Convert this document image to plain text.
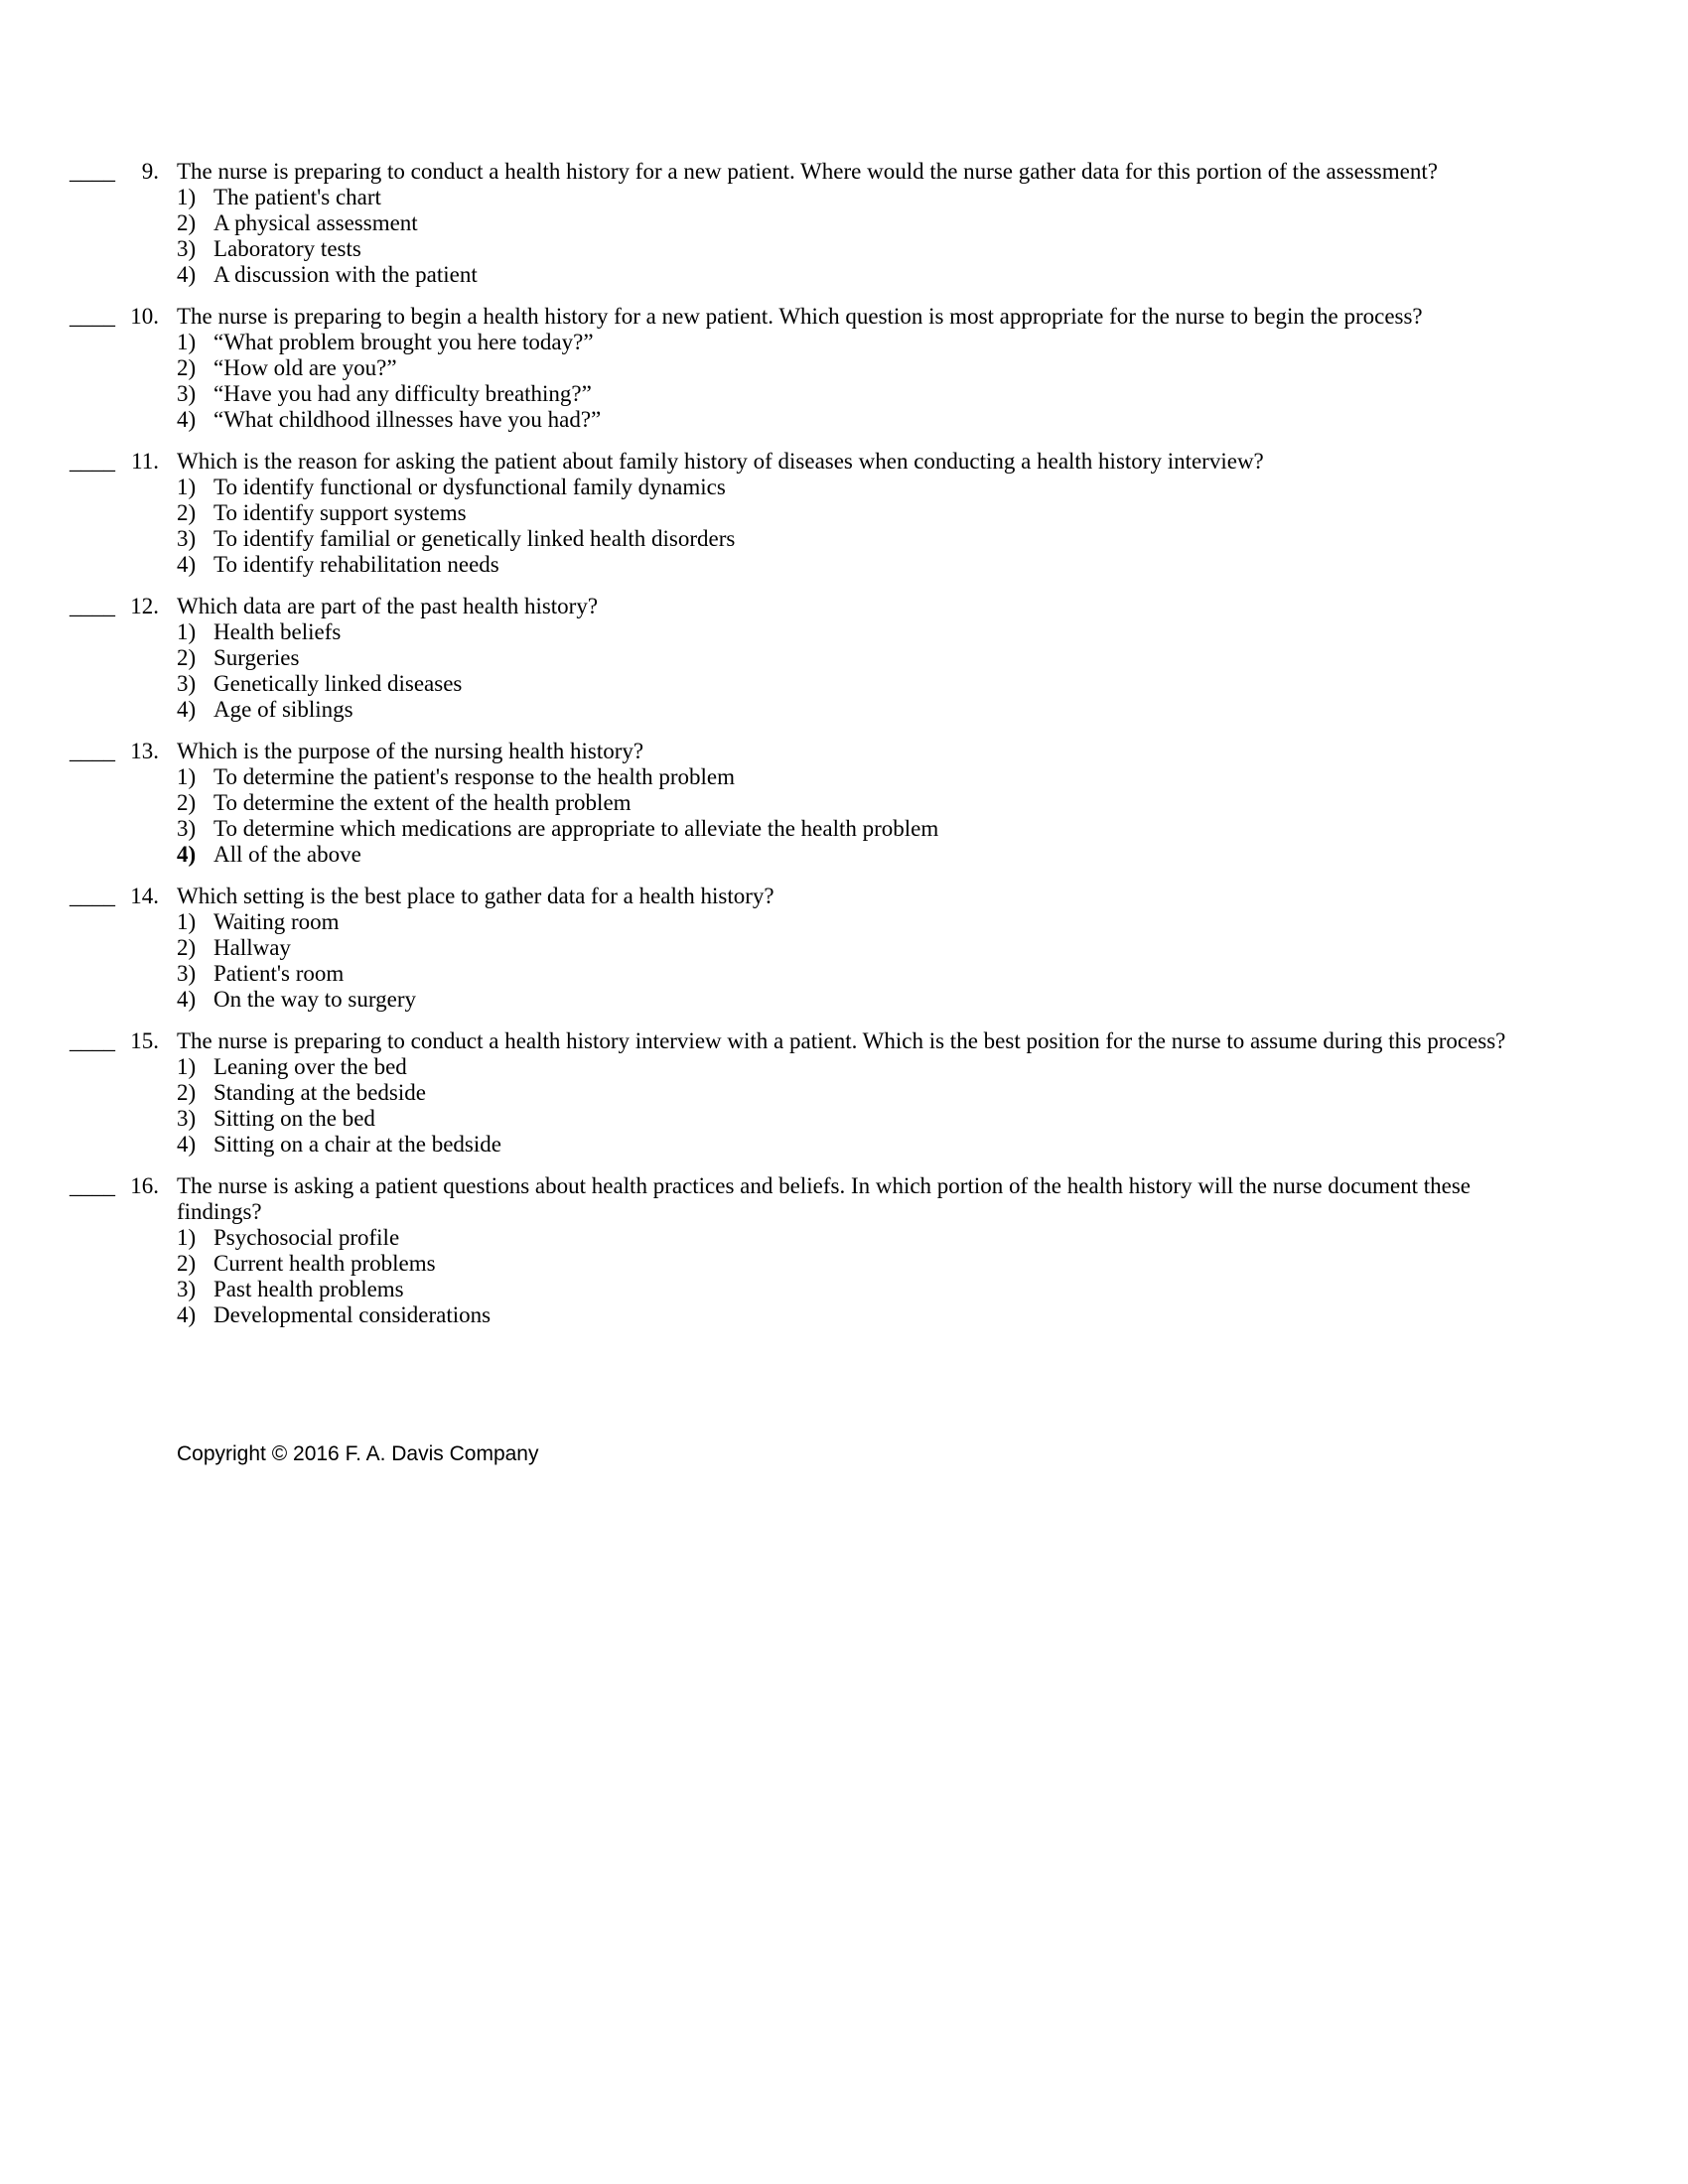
____	9. The nurse is preparing to conduct a health history for a new patient. Where would the nurse gather data for this portion of the assessment?
1) The patient's chart
2) A physical assessment
3) Laboratory tests
4) A discussion with the patient
____ 10. The nurse is preparing to begin a health history for a new patient. Which question is most appropriate for the nurse to begin the process?
1) “What problem brought you here today?”
2) “How old are you?”
3) “Have you had any difficulty breathing?”
4) “What childhood illnesses have you had?”
____ 11. Which is the reason for asking the patient about family history of diseases when conducting a health history interview?
1) To identify functional or dysfunctional family dynamics
2) To identify support systems
3) To identify familial or genetically linked health disorders
4) To identify rehabilitation needs
____ 12. Which data are part of the past health history?
1) Health beliefs
2) Surgeries
3) Genetically linked diseases
4) Age of siblings
____ 13. Which is the purpose of the nursing health history?
1) To determine the patient's response to the health problem
2) To determine the extent of the health problem
3) To determine which medications are appropriate to alleviate the health problem
4) All of the above
____ 14. Which setting is the best place to gather data for a health history?
1) Waiting room
2) Hallway
3) Patient's room
4) On the way to surgery
____ 15. The nurse is preparing to conduct a health history interview with a patient. Which is the best position for the nurse to assume during this process?
1) Leaning over the bed
2) Standing at the bedside
3) Sitting on the bed
4) Sitting on a chair at the bedside
____ 16. The nurse is asking a patient questions about health practices and beliefs. In which portion of the health history will the nurse document these findings?
1) Psychosocial profile
2) Current health problems
3) Past health problems
4) Developmental considerations
Copyright © 2016 F. A. Davis Company
